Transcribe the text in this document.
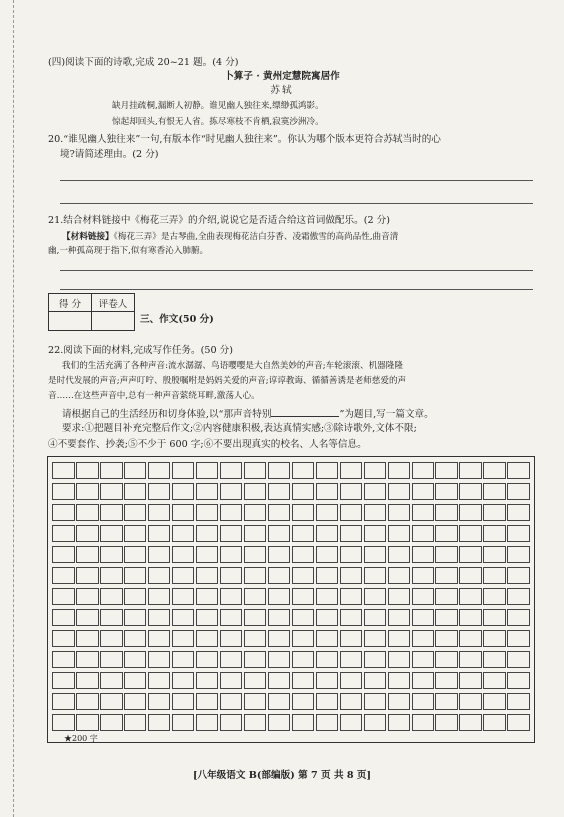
(四)阅读下面的诗歌,完成 20~21 题。(4 分)
卜算子 · 黄州定慧院寓居作
苏轼
缺月挂疏桐,漏断人初静。谁见幽人独往来,缥缈孤鸿影。
惊起却回头,有恨无人省。拣尽寒枝不肯栖,寂寞沙洲冷。
20.“谁见幽人独往来”一句,有版本作“时见幽人独往来”。你认为哪个版本更符合苏轼当时的心
境?请简述理由。(2 分)
21.结合材料链接中《梅花三弄》的介绍,说说它是否适合给这首词做配乐。(2 分)
【材料链接】《梅花三弄》是古琴曲,全曲表现梅花洁白芬香、凌霜傲雪的高尚品性,曲音清
幽,一种孤高现于指下,似有寒香沁入肺腑。
得 分	评卷人

三、作文(50 分)
22.阅读下面的材料,完成写作任务。(50 分)
我们的生活充满了各种声音:流水潺潺、鸟语嘤嘤是大自然美妙的声音;车轮滚滚、机器隆隆
是时代发展的声音;声声叮咛、殷殷嘱咐是妈妈关爱的声音;谆谆教诲、循循善诱是老师慈爱的声
音……在这些声音中,总有一种声音萦绕耳畔,激荡人心。
请根据自己的生活经历和切身体验,以“那声音特别	”为题目,写一篇文章。
要求:①把题目补充完整后作文;②内容健康积极,表达真情实感;③除诗歌外,文体不限;
④不要套作、抄袭;⑤不少于 600 字;⑥不要出现真实的校名、人名等信息。
★200 字
[八年级语文 B(部编版) 第 7 页 共 8 页]
